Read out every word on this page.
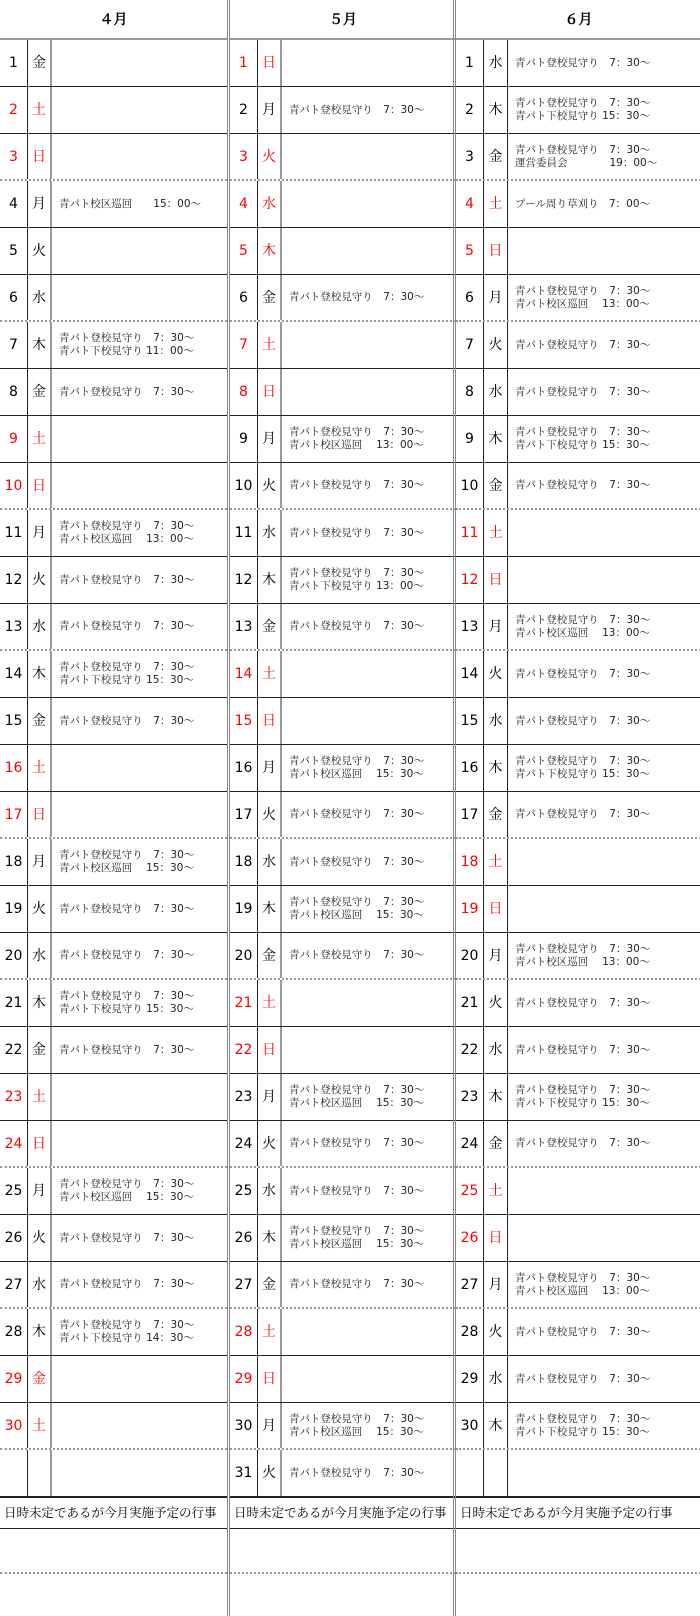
４月
1	金
2	土
3	日
4	月	青パト校区巡回　　15：00～
5	火
6	水
7	木	青パト登校見守り　7：30～
青パト下校見守り 11：00～
8	金	青パト登校見守り　7：30～
9	土
10 日
11 月	青パト登校見守り　7：30～
青パト校区巡回　 13：00～
12 火	青パト登校見守り　7：30～
13 水	青パト登校見守り　7：30～
14 木	青パト登校見守り　7：30～
青パト下校見守り 15：30～
15 金	青パト登校見守り　7：30～
16 土
17 日
18 月	青パト登校見守り　7：30～
青パト校区巡回　 15：30～
19 火	青パト登校見守り　7：30～
20 水	青パト登校見守り　7：30～
21 木	青パト登校見守り　7：30～
青パト下校見守り 15：30～
22 金	青パト登校見守り　7：30～
23 土
24 日
25 月	青パト登校見守り　7：30～
青パト校区巡回　 15：30～
26 火	青パト登校見守り　7：30～
27 水	青パト登校見守り　7：30～
28 木	青パト登校見守り　7：30～
青パト下校見守り 14：30～
29 金
30 土
日時未定であるが今月実施予定の行事
５月
1	日
2	月	青パト登校見守り　7：30～
3	火
4	水
5	木
6	金	青パト登校見守り　7：30～
7	土
8	日
9	月	青パト登校見守り　7：30～
青パト校区巡回　 13：00～
10 火	青パト登校見守り　7：30～
11 水	青パト登校見守り　7：30～
12 木	青パト登校見守り　7：30～
青パト下校見守り 13：00～
13 金	青パト登校見守り　7：30～
14 土
15 日
16 月	青パト登校見守り　7：30～
青パト校区巡回　 15：30～
17 火	青パト登校見守り　7：30～
18 水	青パト登校見守り　7：30～
19 木	青パト登校見守り　7：30～
青パト校区巡回　 15：30～
20 金	青パト登校見守り　7：30～
21 土
22 日
23 月	青パト登校見守り　7：30～
青パト校区巡回　 15：30～
24 火	青パト登校見守り　7：30～
25 水	青パト登校見守り　7：30～
26 木	青パト登校見守り　7：30～
青パト校区巡回　 15：30～
27 金	青パト登校見守り　7：30～
28 土
29 日
30 月	青パト登校見守り　7：30～
青パト校区巡回　 15：30～
31 火	青パト登校見守り　7：30～
日時未定であるが今月実施予定の行事
６月
1	水	青パト登校見守り　7：30～
2	木	青パト登校見守り　7：30～
青パト下校見守り 15：30～
3	金	青パト登校見守り　7：30～
運営委員会　　　　19：00～
4	土	プール周り草刈り　7：00～
5	日
6	月	青パト登校見守り　7：30～
青パト校区巡回　 13：00～
7	火	青パト登校見守り　7：30～
8	水	青パト登校見守り　7：30～
9	木	青パト登校見守り　7：30～
青パト下校見守り 15：30～
10 金	青パト登校見守り　7：30～
11 土
12 日
13 月	青パト登校見守り　7：30～
青パト校区巡回　 13：00～
14 火	青パト登校見守り　7：30～
15 水	青パト登校見守り　7：30～
16 木	青パト登校見守り　7：30～
青パト下校見守り 15：30～
17 金	青パト登校見守り　7：30～
18 土
19 日
20 月	青パト登校見守り　7：30～
青パト校区巡回　 13：00～
21 火	青パト登校見守り　7：30～
22 水	青パト登校見守り　7：30～
23 木	青パト登校見守り　7：30～
青パト下校見守り 15：30～
24 金	青パト登校見守り　7：30～
25 土
26 日
27 月	青パト登校見守り　7：30～
青パト校区巡回　 13：00～
28 火	青パト登校見守り　7：30～
29 水	青パト登校見守り　7：30～
30 木	青パト登校見守り　7：30～
青パト下校見守り 15：30～
日時未定であるが今月実施予定の行事
